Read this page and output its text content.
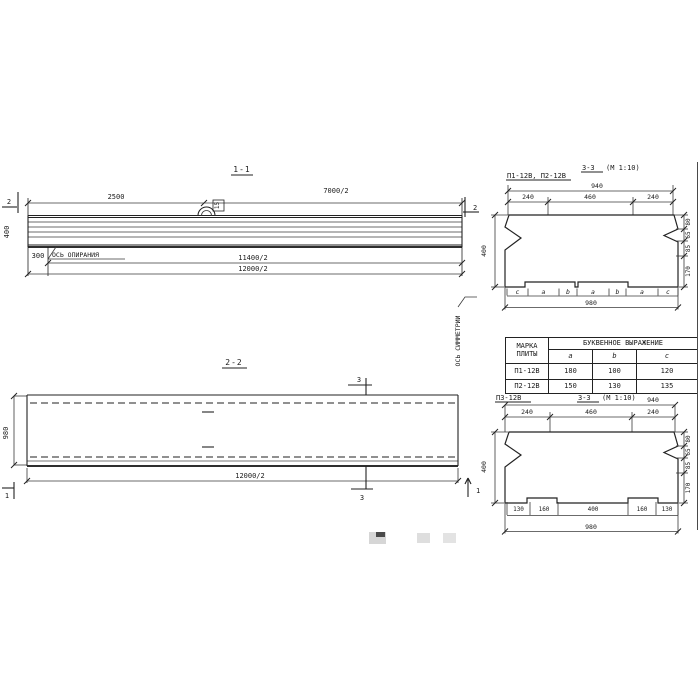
1-1
2500
7000/2
15
2
2
400
300 ОСЬ ОПИРАНИЯ	11400/2
12000/2
2-2
980
12000/2
3
3
1
1
ОСЬ СИММЕТРИИ
3-3 (М 1:10)
П1-12В, П2-12В
940
240	460	240
400
80
65
85
170
c	a	b	a	b	a	c
980
МАРКА
ПЛИТЫ	БУКВЕННОЕ ВЫРАЖЕНИЕ		
	a	b	c
П1-12В	180	100	120
П2-12В	150	130	135
П3-12В	3-3 (М 1:10) 940
240	460	240
400
80
65
85
170
130 160	400	160 130
980
